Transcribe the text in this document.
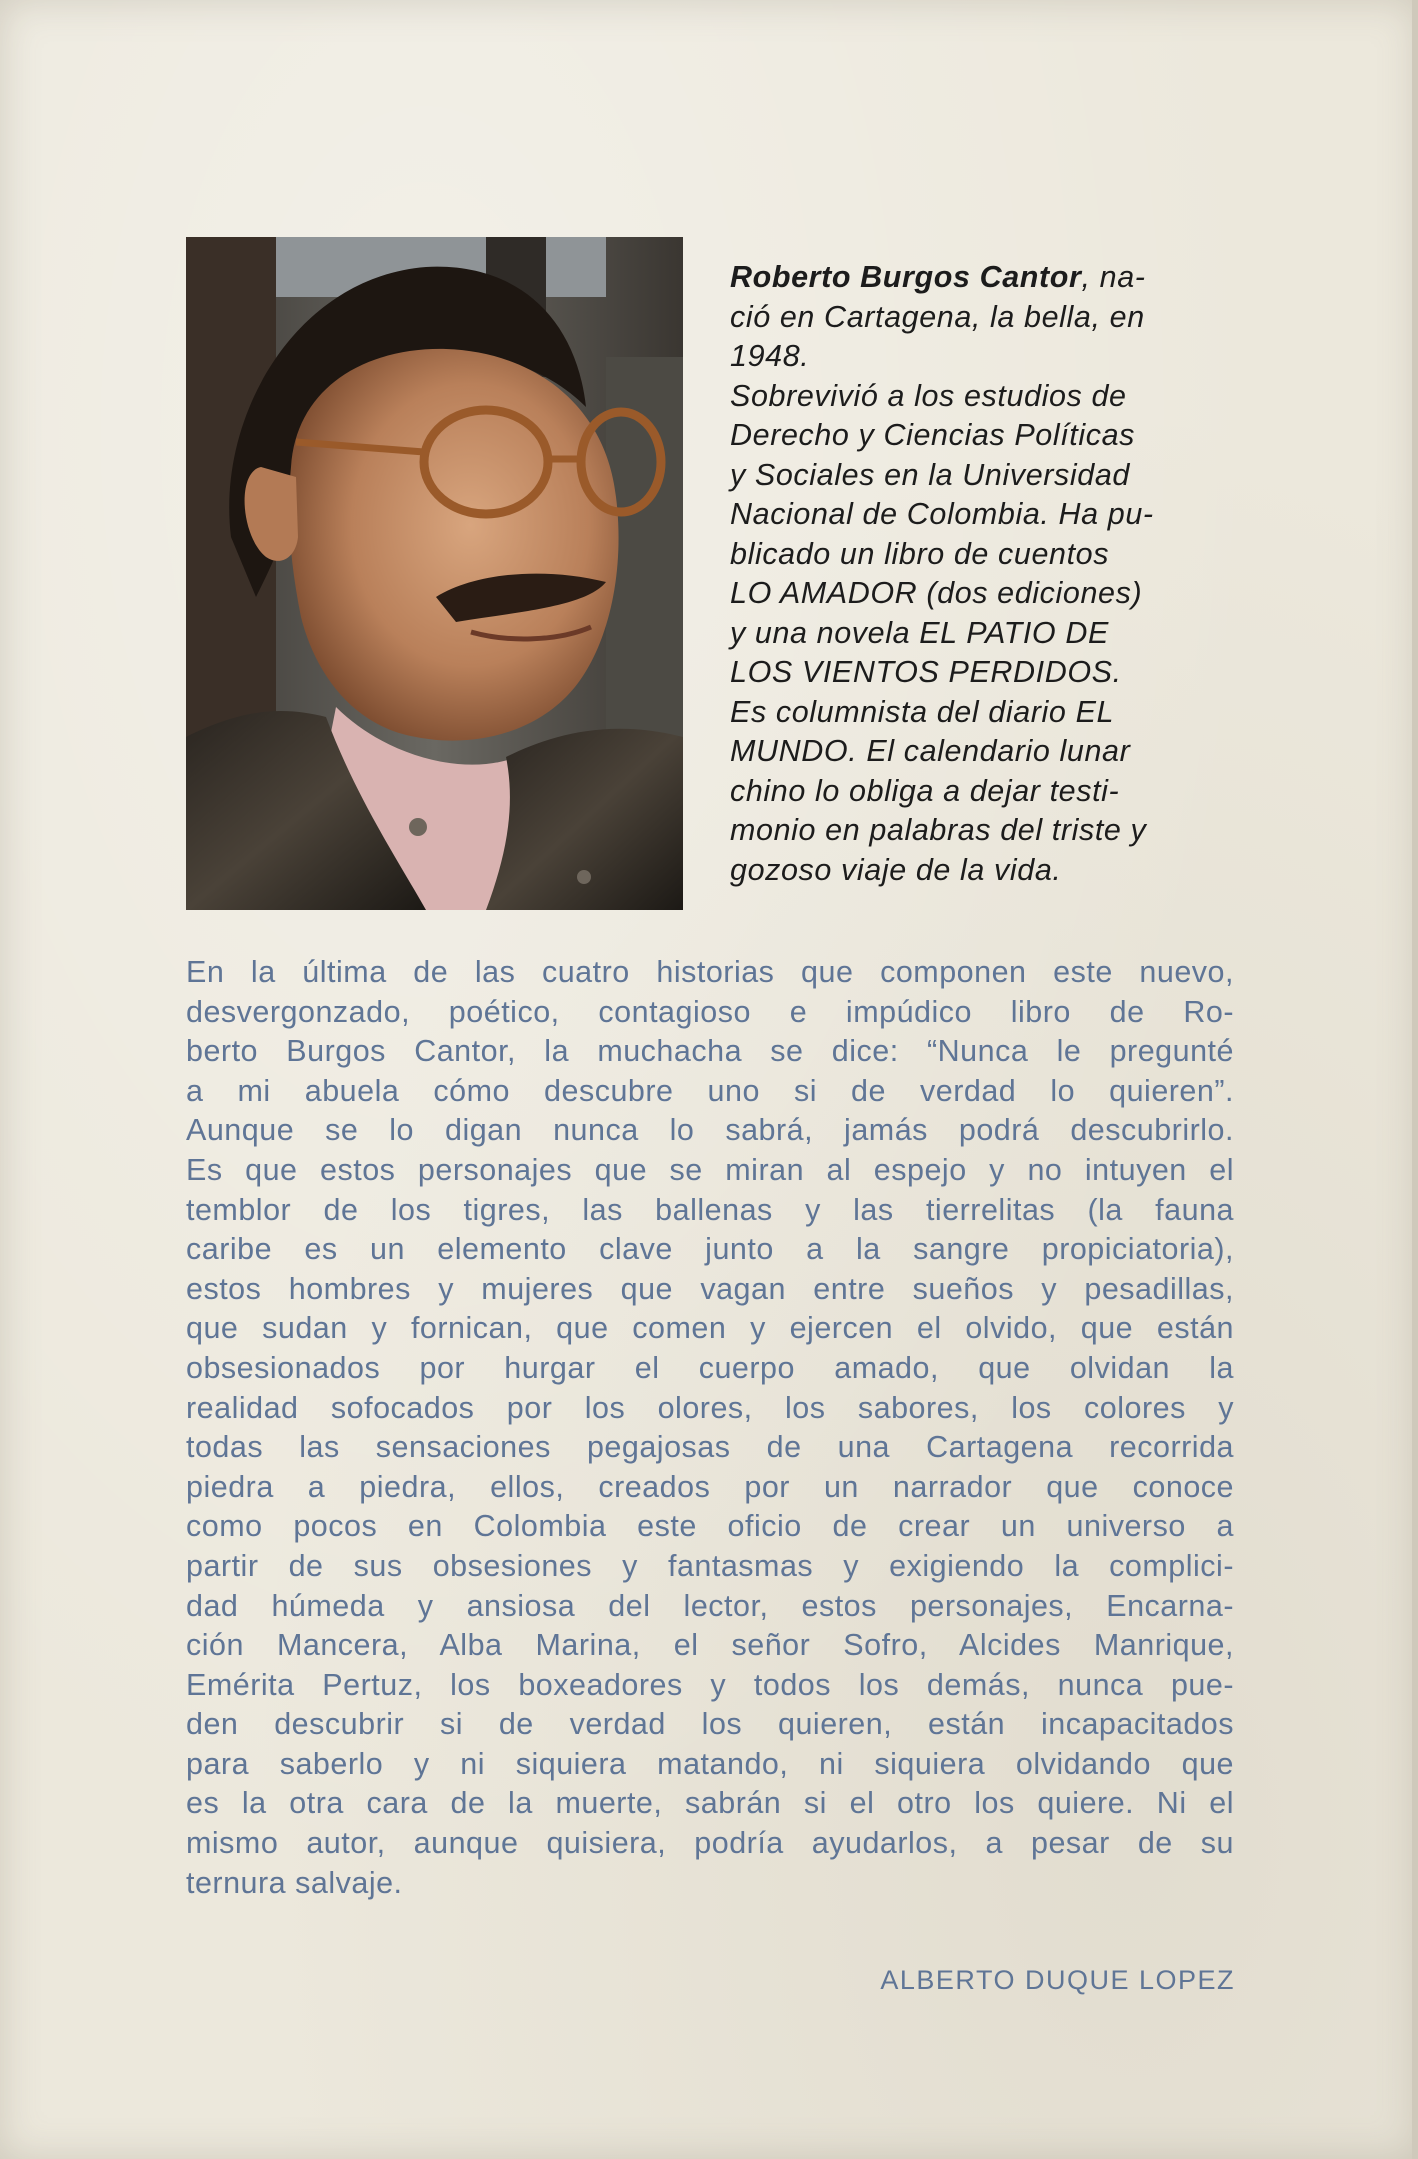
Roberto Burgos Cantor, na-
ció en Cartagena, la bella, en
1948.
Sobrevivió a los estudios de
Derecho y Ciencias Políticas
y Sociales en la Universidad
Nacional de Colombia. Ha pu-
blicado un libro de cuentos
LO AMADOR (dos ediciones)
y una novela EL PATIO DE
LOS VIENTOS PERDIDOS.
Es columnista del diario EL
MUNDO. El calendario lunar
chino lo obliga a dejar testi-
monio en palabras del triste y
gozoso viaje de la vida.
En la última de las cuatro historias que componen este nuevo,
desvergonzado, poético, contagioso e impúdico libro de Ro-
berto Burgos Cantor, la muchacha se dice: “Nunca le pregunté
a mi abuela cómo descubre uno si de verdad lo quieren”.
Aunque se lo digan nunca lo sabrá, jamás podrá descubrirlo.
Es que estos personajes que se miran al espejo y no intuyen el
temblor de los tigres, las ballenas y las tierrelitas (la fauna
caribe es un elemento clave junto a la sangre propiciatoria),
estos hombres y mujeres que vagan entre sueños y pesadillas,
que sudan y fornican, que comen y ejercen el olvido, que están
obsesionados por hurgar el cuerpo amado, que olvidan la
realidad sofocados por los olores, los sabores, los colores y
todas las sensaciones pegajosas de una Cartagena recorrida
piedra a piedra, ellos, creados por un narrador que conoce
como pocos en Colombia este oficio de crear un universo a
partir de sus obsesiones y fantasmas y exigiendo la complici-
dad húmeda y ansiosa del lector, estos personajes, Encarna-
ción Mancera, Alba Marina, el señor Sofro, Alcides Manrique,
Emérita Pertuz, los boxeadores y todos los demás, nunca pue-
den descubrir si de verdad los quieren, están incapacitados
para saberlo y ni siquiera matando, ni siquiera olvidando que
es la otra cara de la muerte, sabrán si el otro los quiere. Ni el
mismo autor, aunque quisiera, podría ayudarlos, a pesar de su
ternura salvaje.
ALBERTO DUQUE LOPEZ
